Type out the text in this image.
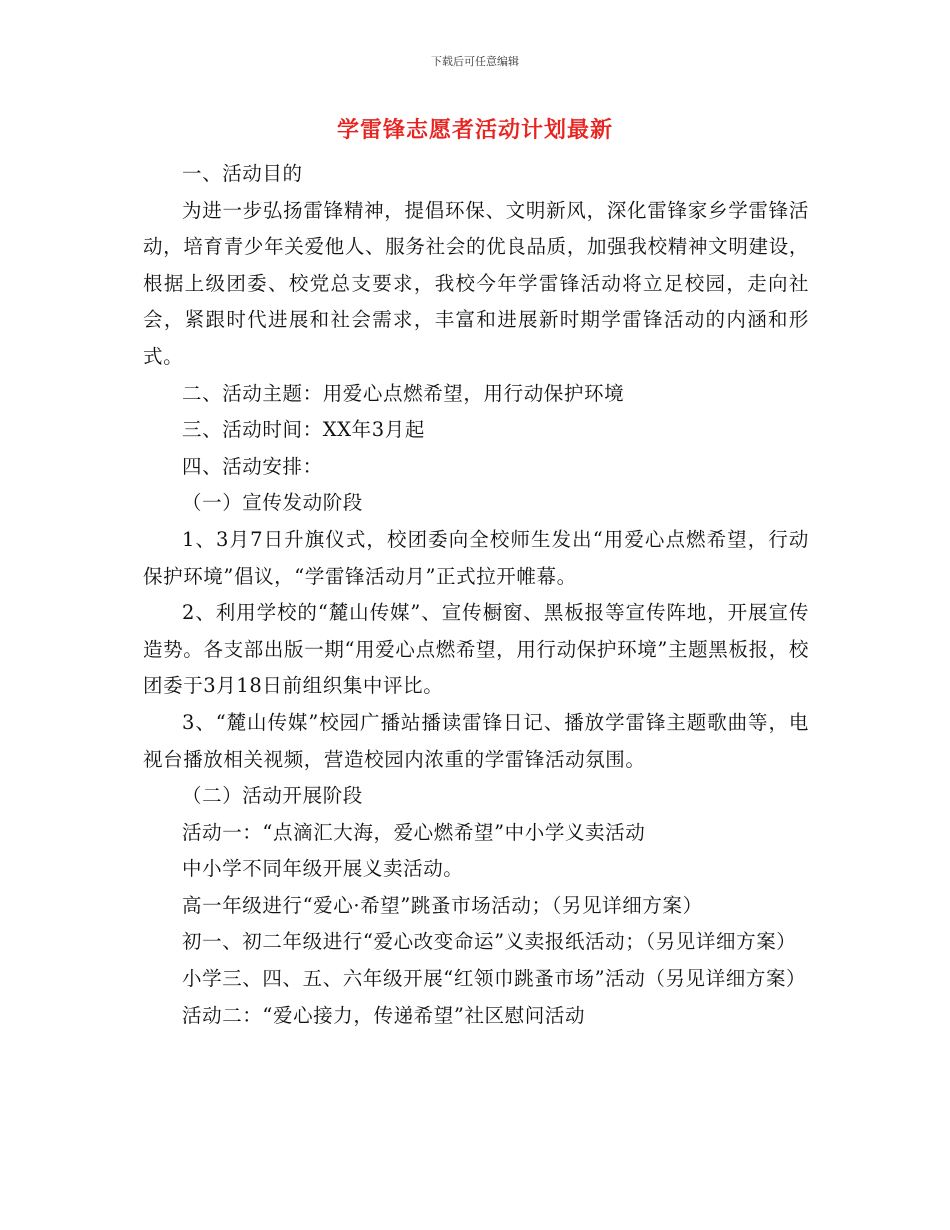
下载后可任意编辑
学雷锋志愿者活动计划最新

一、活动目的

为进一步弘扬雷锋精神，提倡环保、文明新风，深化雷锋家乡学雷锋活动，培育青少年关爱他人、服务社会的优良品质，加强我校精神文明建设，根据上级团委、校党总支要求，我校今年学雷锋活动将立足校园，走向社会，紧跟时代进展和社会需求，丰富和进展新时期学雷锋活动的内涵和形式。

二、活动主题：用爱心点燃希望，用行动保护环境

三、活动时间：XX年3月起

四、活动安排：

（一）宣传发动阶段

1、3月7日升旗仪式，校团委向全校师生发出“用爱心点燃希望，行动保护环境”倡议，“学雷锋活动月”正式拉开帷幕。

2、利用学校的“麓山传媒”、宣传橱窗、黑板报等宣传阵地，开展宣传造势。各支部出版一期“用爱心点燃希望，用行动保护环境”主题黑板报，校团委于3月18日前组织集中评比。

3、“麓山传媒”校园广播站播读雷锋日记、播放学雷锋主题歌曲等，电视台播放相关视频，营造校园内浓重的学雷锋活动氛围。

（二）活动开展阶段

活动一：“点滴汇大海，爱心燃希望”中小学义卖活动

中小学不同年级开展义卖活动。

高一年级进行“爱心·希望”跳蚤市场活动；（另见详细方案）

初一、初二年级进行“爱心改变命运”义卖报纸活动；（另见详细方案）

小学三、四、五、六年级开展“红领巾跳蚤市场”活动（另见详细方案）

活动二：“爱心接力，传递希望”社区慰问活动
